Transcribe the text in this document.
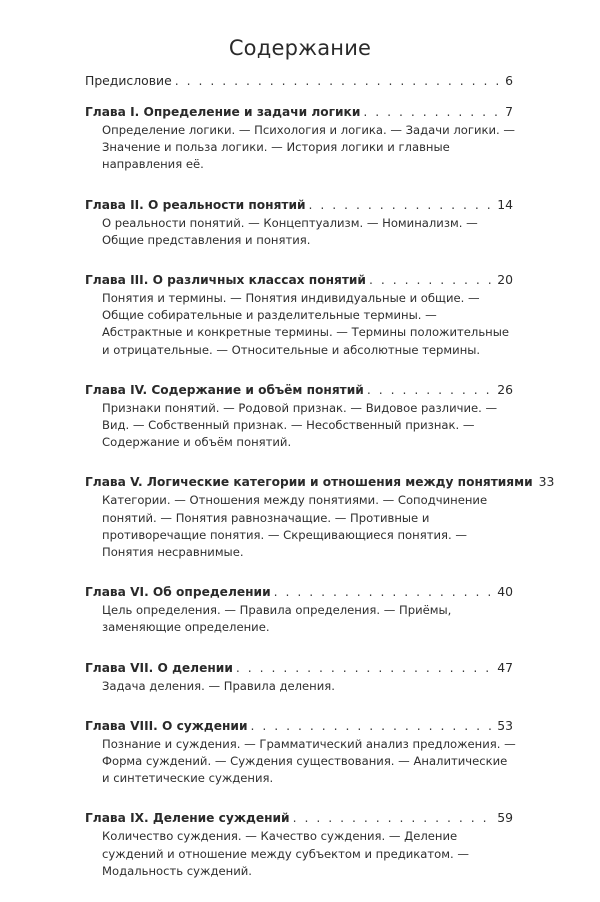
Содержание
Предисловие . . .	6
Глава I. Определение и задачи логики . . .	7
Определение логики. — Психология и логика. — Задачи логики. —
Значение и польза логики. — История логики и главные
направления её.
Глава II. О реальности понятий . . .	14
О реальности понятий. — Концептуализм. — Номинализм. —
Общие представления и понятия.
Глава III. О различных классах понятий . . .	20
Понятия и термины. — Понятия индивидуальные и общие. —
Общие собирательные и разделительные термины. —
Абстрактные и конкретные термины. — Термины положительные
и отрицательные. — Относительные и абсолютные термины.
Глава IV. Содержание и объём понятий . . .	26
Признаки понятий. — Родовой признак. — Видовое различие. —
Вид. — Собственный признак. — Несобственный признак. —
Содержание и объём понятий.
Глава V. Логические категории и отношения между понятиями 33
Категории. — Отношения между понятиями. — Соподчинение
понятий. — Понятия равнозначащие. — Противные и
противоречащие понятия. — Скрещивающиеся понятия. —
Понятия несравнимые.
Глава VI. Об определении . . .	40
Цель определения. — Правила определения. — Приёмы,
заменяющие определение.
Глава VII. О делении . . .	47
Задача деления. — Правила деления.
Глава VIII. О суждении . . .	53
Познание и суждения. — Грамматический анализ предложения. —
Форма суждений. — Суждения существования. — Аналитические
и синтетические суждения.
Глава IX. Деление суждений . . .	59
Количество суждения. — Качество суждения. — Деление
суждений и отношение между субъектом и предикатом. —
Модальность суждений.
